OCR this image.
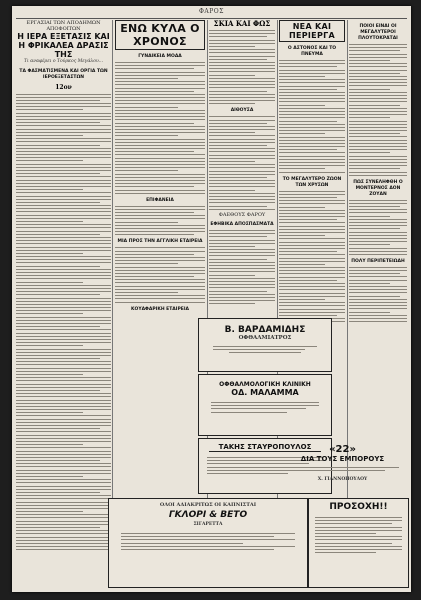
ΦΑΡΟΣ
ΕΡΓΑΣΙΑΙ ΤΩΝ ΑΠΟΔΗΜΩΝ ΑΠΟΦΟΙΤΩΝ
Η ΙΕΡΑ ΕΞΕΤΑΣΙΣ ΚΑΙ
Η ΦΡΙΚΑΛΕΑ ΔΡΑΣΙΣ ΤΗΣ
Τι αναφέρει ο Τούρκος Μεγάλου...
ΤΑ ΦΑΣΜΑΤΙΣΜΕΝΑ ΚΑΙ ΟΡΓΙΑ ΤΩΝ ΙΕΡΟΕΞΕΤΑΣΤΩΝ
12ον
ΕΝΩ ΚΥΛΑ Ο ΧΡΟΝΟΣ
ΓΥΝΑΙΚΕΙΑ ΜΟΔΑ
ΕΠΙΦΑΝΕΙΑ
ΜΙΑ ΠΡΟΣ ΤΗΝ ΑΓΓΛΙΚΗ ΕΤΑΙΡΕΙΑ
ΚΟΥΑΦΑΡΙΚΗ ΕΤΑΙΡΕΙΑ
ΣΚΙΑ ΚΑΙ ΦΩΣ
ΑΙΘΟΥΣΑ
ΦΑΕΘΟΥΣ ΦΑΡΟΥ
ΕΦΗΒΙΚΑ ΑΠΟΣΠΑΣΜΑΤΑ
ΝΕΑ ΚΑΙ ΠΕΡΙΕΡΓΑ
Ο ΑΣΤΟΝΟΣ ΚΑΙ ΤΟ ΠΝΕΥΜΑ
ΤΟ ΜΕΓΑΛΥΤΕΡΟ ΖΩΟΝ ΤΩΝ ΧΡΥΣΩΝ
ΠΟΙΟΙ ΕΙΝΑΙ ΟΙ ΜΕΓΑΛΥΤΕΡΟΙ ΠΛΟΥΤΟΚΡΑΤΑΙ
ΠΩΣ ΣΥΝΕΛΗΦΘΗ Ο ΜΟΝΤΕΡΝΟΣ ΔΟΝ ΖΟΥΑΝ
ΠΟΛΥ ΠΕΡΙΠΕΤΕΙΩΔΗ
Β. ΒΑΡΔΑΜΙΔΗΣ
ΟΦΘΑΛΜΙΑΤΡΟΣ
ΟΦΘΑΛΜΟΛΟΓΙΚΗ ΚΛΙΝΙΚΗ
ΟΔ. ΜΑΛΑΜΜΑ
ΤΑΚΗΣ ΣΤΑΥΡΟΠΟΥΛΟΣ	«22»
ΔΙΑ ΤΟΥΣ ΕΜΠΟΡΟΥΣ
Χ. ΓΙΑΝΝΟΠΟΥΛΟΥ
ΟΛΟΙ ΑΔΙΑΚΡΙΤΩΣ ΟΙ ΚΑΠΝΙΣΤΑΙ
ΓΚΛΟΡΙ & ΒΕΤΟ
ΣΙΓΑΡΕΤΤΑ
ΠΡΟΣΟΧΗ!!
